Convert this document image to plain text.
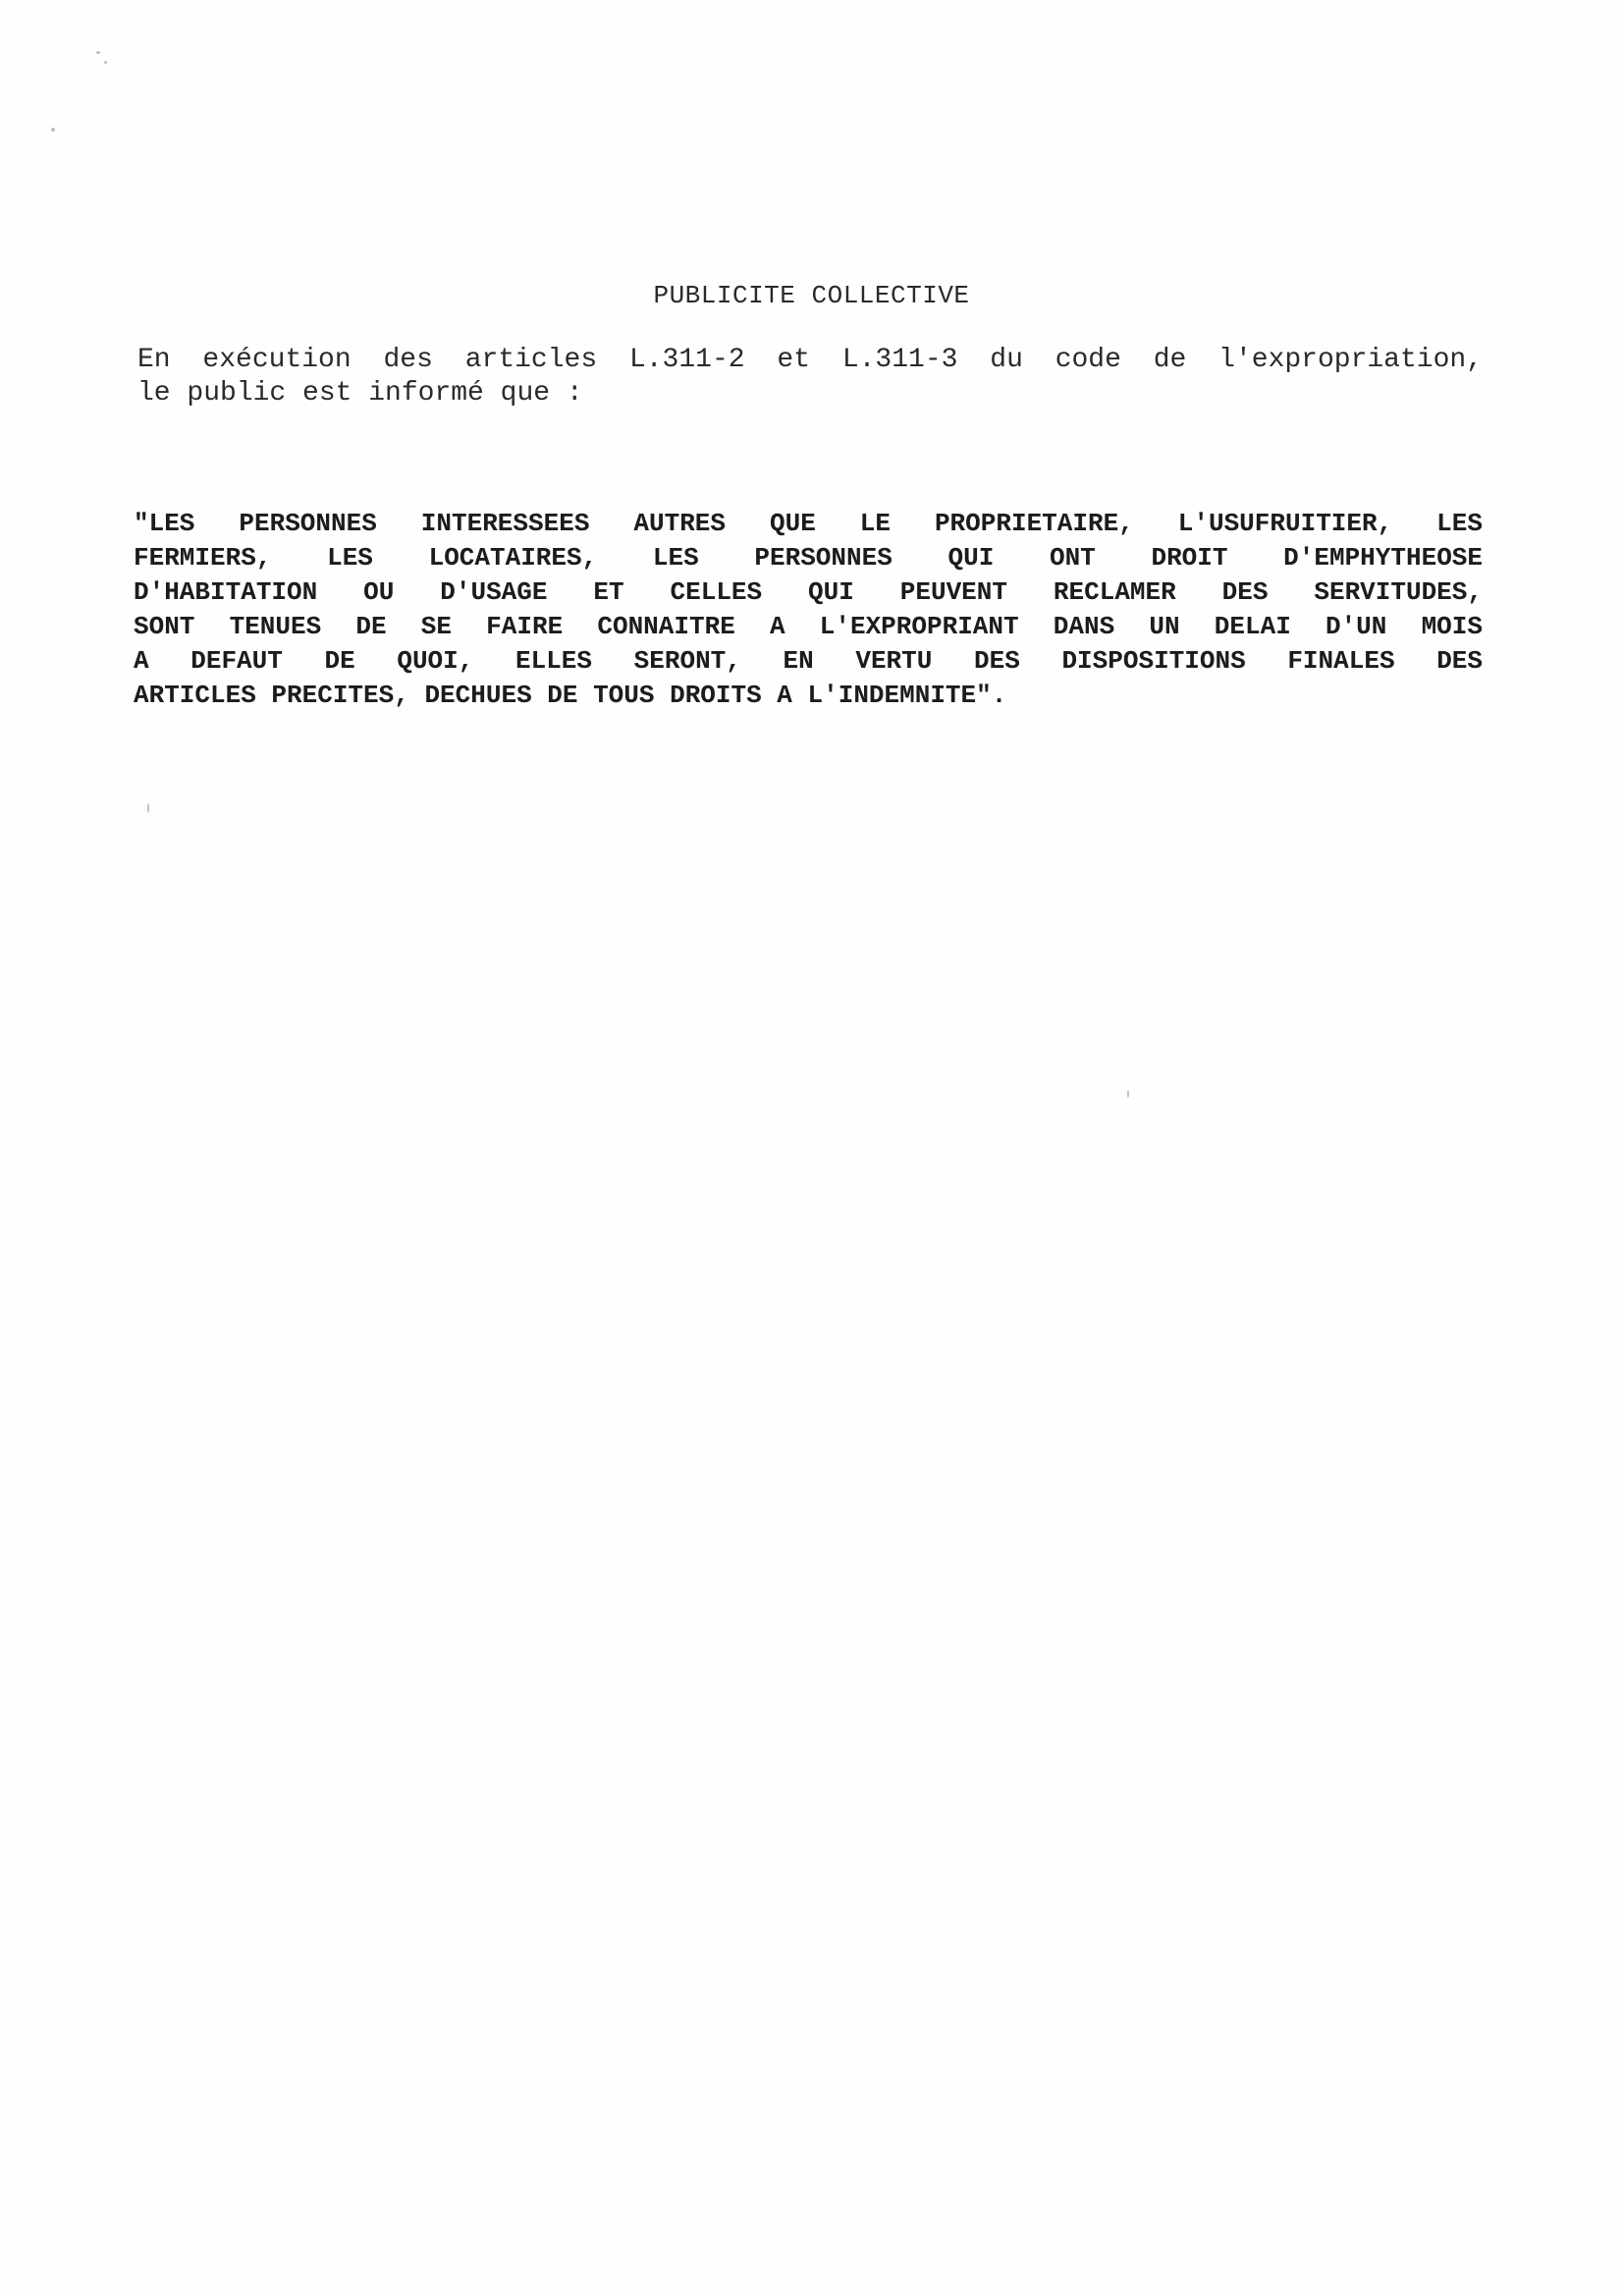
PUBLICITE COLLECTIVE
En exécution des articles L.311-2 et L.311-3 du code de l'expropriation,
le public est informé que :
"LES PERSONNES INTERESSEES AUTRES QUE LE PROPRIETAIRE, L'USUFRUITIER, LES
FERMIERS, LES LOCATAIRES, LES PERSONNES QUI ONT DROIT D'EMPHYTHEOSE
D'HABITATION OU D'USAGE ET CELLES QUI PEUVENT RECLAMER DES SERVITUDES,
SONT TENUES DE SE FAIRE CONNAITRE A L'EXPROPRIANT DANS UN DELAI D'UN MOIS
A DEFAUT DE QUOI, ELLES SERONT, EN VERTU DES DISPOSITIONS FINALES DES
ARTICLES PRECITES, DECHUES DE TOUS DROITS A L'INDEMNITE".
